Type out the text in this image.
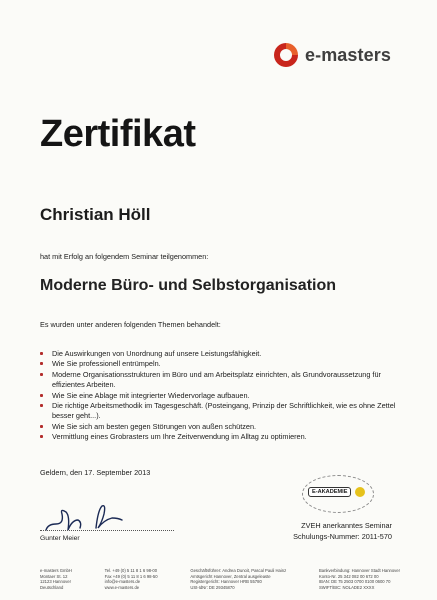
e-masters
Zertifikat
Christian Höll
hat mit Erfolg an folgendem Seminar teilgenommen:
Moderne Büro- und Selbstorganisation
Es wurden unter anderen folgenden Themen behandelt:
Die Auswirkungen von Unordnung auf unsere Leistungsfähigkeit.
Wie Sie professionell entrümpeln.
Moderne Organisationsstrukturen im Büro und am Arbeitsplatz einrichten, als Grundvoraussetzung für effizientes Arbeiten.
Wie Sie eine Ablage mit integrierter Wiedervorlage aufbauen.
Die richtige Arbeitsmethodik im Tagesgeschäft. (Posteingang, Prinzip der Schriftlichkeit, wie es ohne Zettel besser geht...).
Wie Sie sich am besten gegen Störungen von außen schützen.
Vermittlung eines Grobrasters um Ihre Zeitverwendung im Alltag zu optimieren.
Geldern, den 17. September 2013
E-AKADEMIE
ZVEH anerkanntes Seminar
Schulungs-Nummer: 2011-570
Gunter Meier
e-masters GmbH
Montaer St. 12
12123 Hannover
Deutschland
Tel. +49 (0) 5 11 8 1 6 98-00
Fax +49 (0) 5 11 8 1 6 98-50
info@e-masters.de
www.e-masters.de
Geschäftsführer: Andrea Dunoit, Pascal Pauli Hainz
Amtsgericht Hannover, Zentral ausgeleaste
Registergericht: Hannover HRB 55780
USt-IdNr: DE 29345870
Bankverbindung: Hannover Stadt Hannover
Konto-Nr. 25 342 082 00 672 00
IBAN: DE 75 2503 0700 0100 0600 70
SWIFT/BIC: NOLADE2 XXXX
